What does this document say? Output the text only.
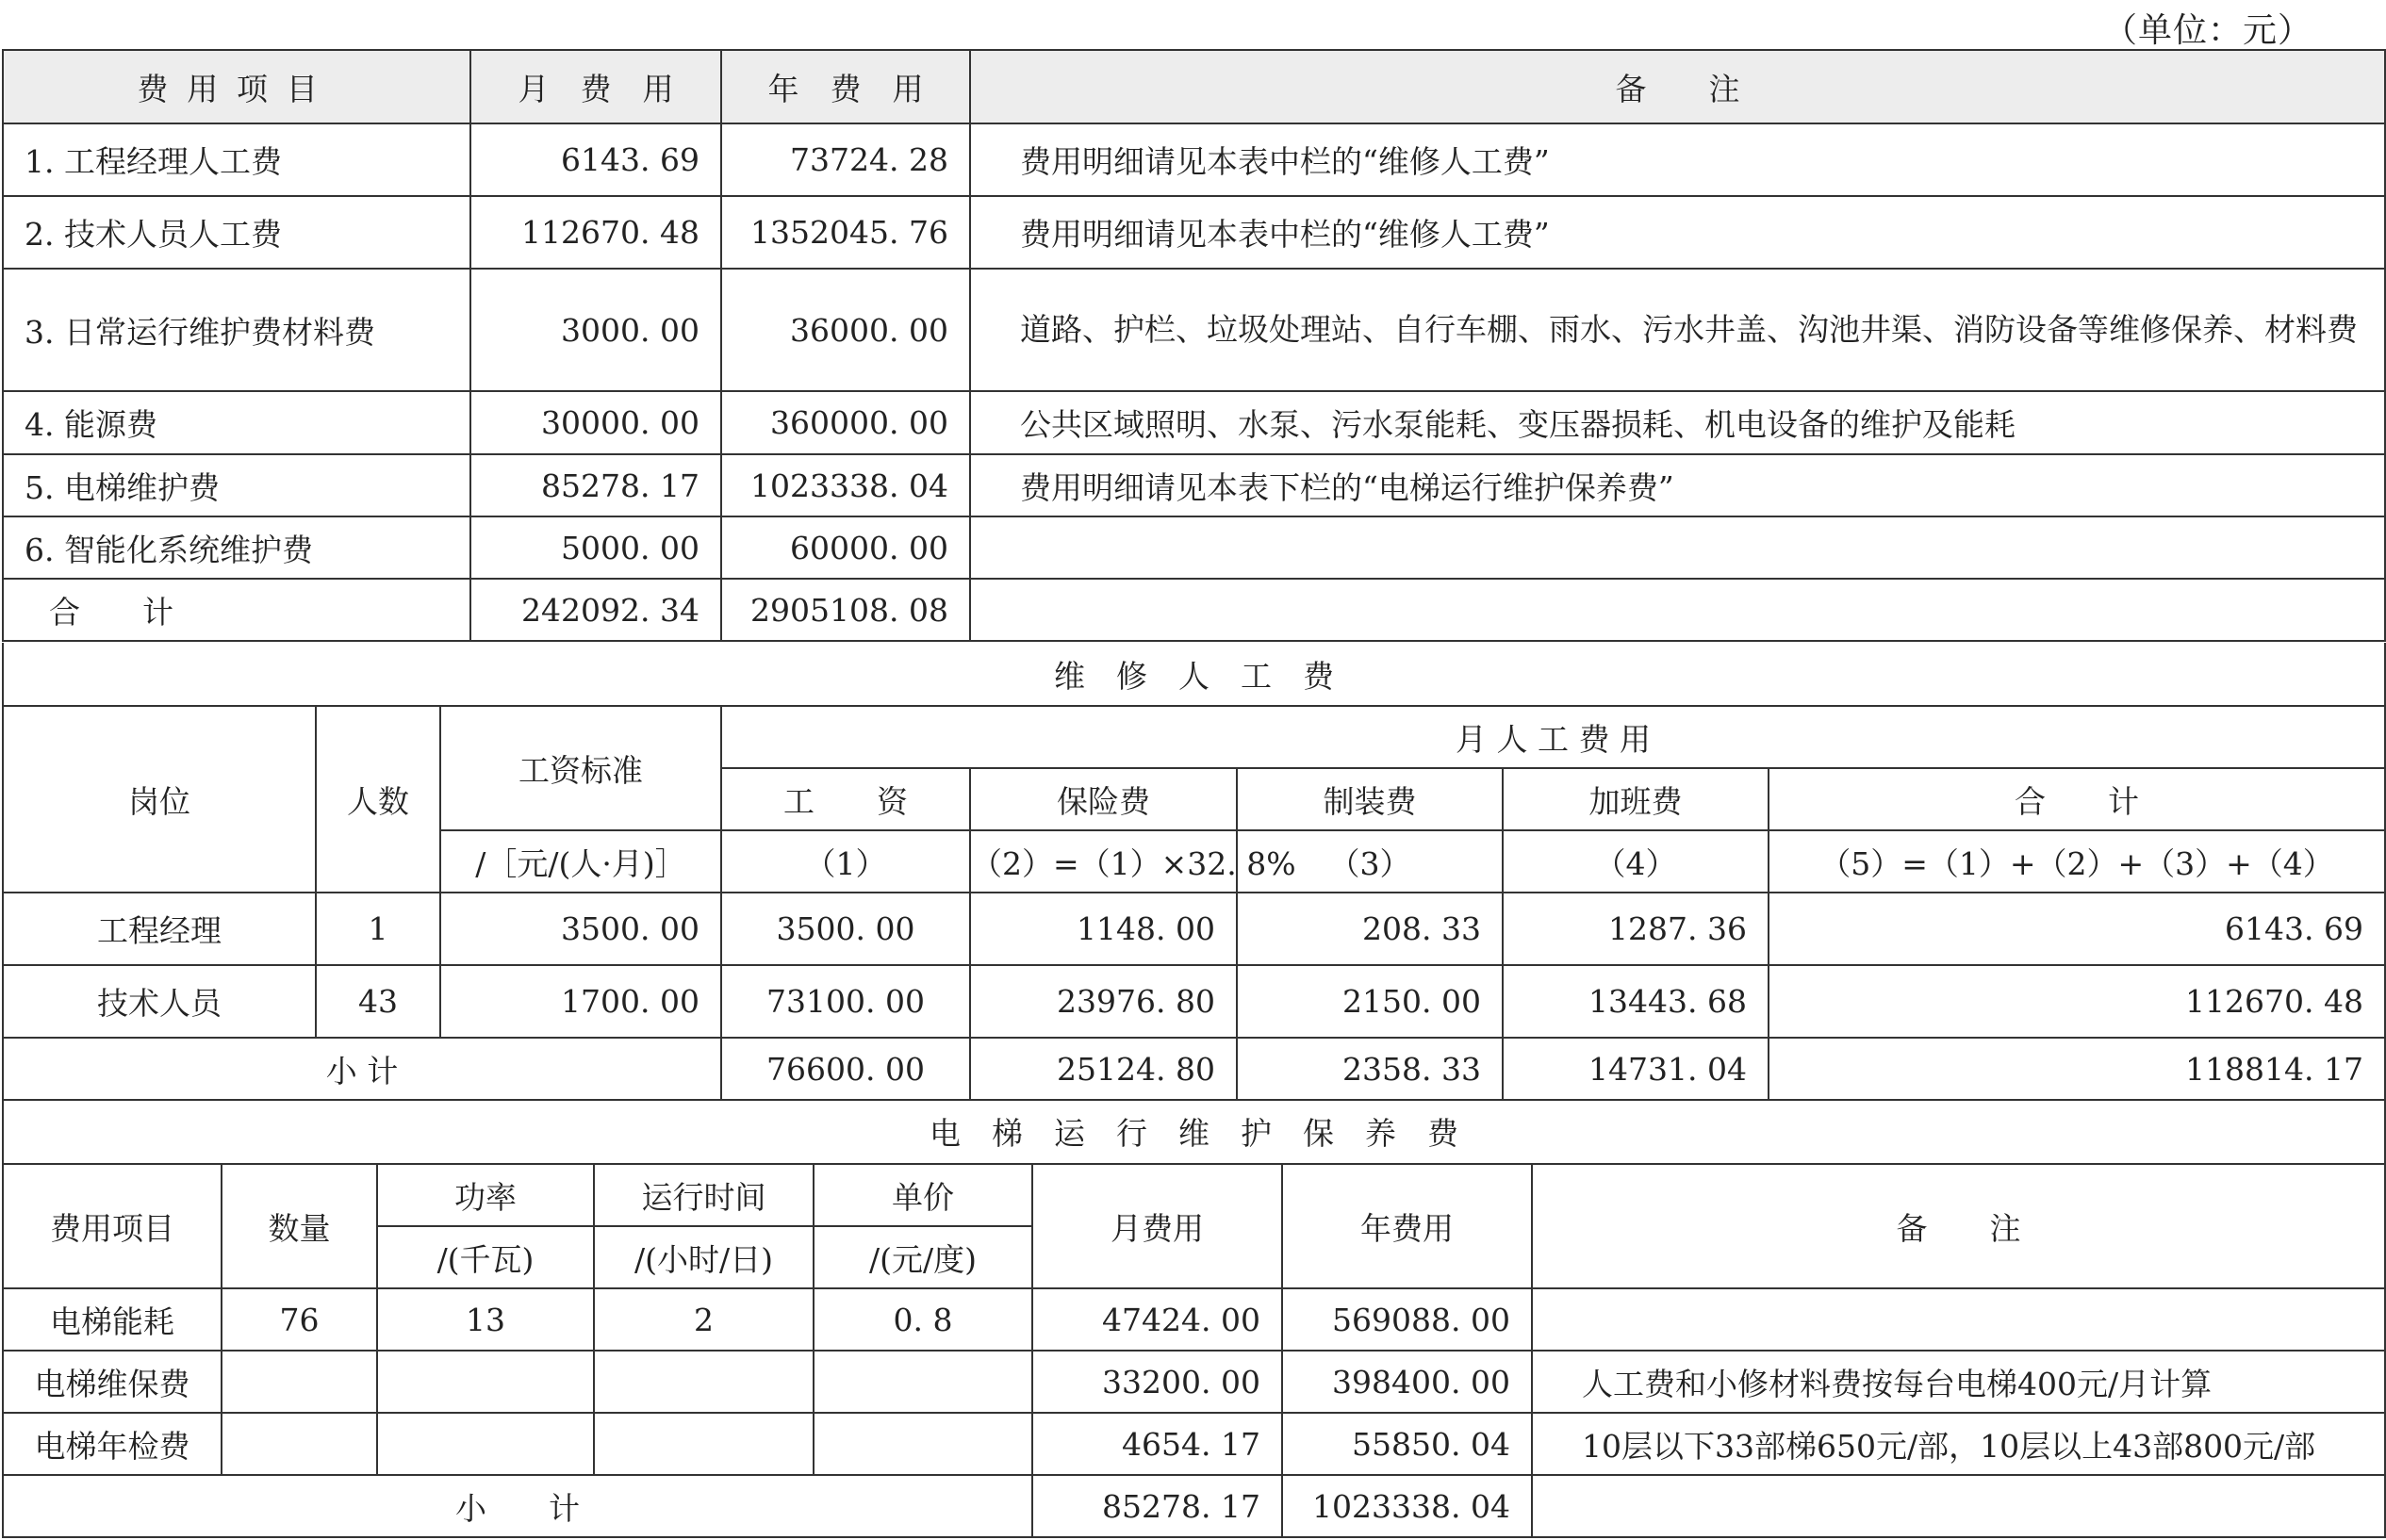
（单位：元）
费用项目	月　费　用	年　费　用	备　　注
1. 工程经理人工费	6143. 69	73724. 28	费用明细请见本表中栏的“维修人工费”
2. 技术人员人工费	112670. 48	1352045. 76	费用明细请见本表中栏的“维修人工费”
3. 日常运行维护费材料费	3000. 00	36000. 00	道路、护栏、垃圾处理站、自行车棚、雨水、污水井盖、沟池井渠、消防设备等维修保养、材料费
4. 能源费	30000. 00	360000. 00	公共区域照明、水泵、污水泵能耗、变压器损耗、机电设备的维护及能耗
5. 电梯维护费	85278. 17	1023338. 04	费用明细请见本表下栏的“电梯运行维护保养费”
6. 智能化系统维护费	5000. 00	60000. 00	
合　　计	242092. 34	2905108. 08	
维　修　人　工　费							
岗位	人数	工资标准	月 人 工 费 用				
			工　　资	保险费	制装费	加班费	合　　计
		/［元/(人·月)］	（1）	（2）=（1）×32. 8%	（3）	（4）	（5）=（1）+（2）+（3）+（4）
工程经理	1	3500. 00	3500. 00	1148. 00	208. 33	1287. 36	6143. 69
技术人员	43	1700. 00	73100. 00	23976. 80	2150. 00	13443. 68	112670. 48
小 计			76600. 00	25124. 80	2358. 33	14731. 04	118814. 17
电　梯　运　行　维　护　保　养　费							
费用项目	数量	功率	运行时间	单价	月费用	年费用	备　　注
		/(千瓦)	/(小时/日)	/(元/度)			
电梯能耗	76	13	2	0. 8	47424. 00	569088. 00	
电梯维保费					33200. 00	398400. 00	人工费和小修材料费按每台电梯400元/月计算
电梯年检费					4654. 17	55850. 04	10层以下33部梯650元/部，10层以上43部800元/部
小　　计					85278. 17	1023338. 04	
